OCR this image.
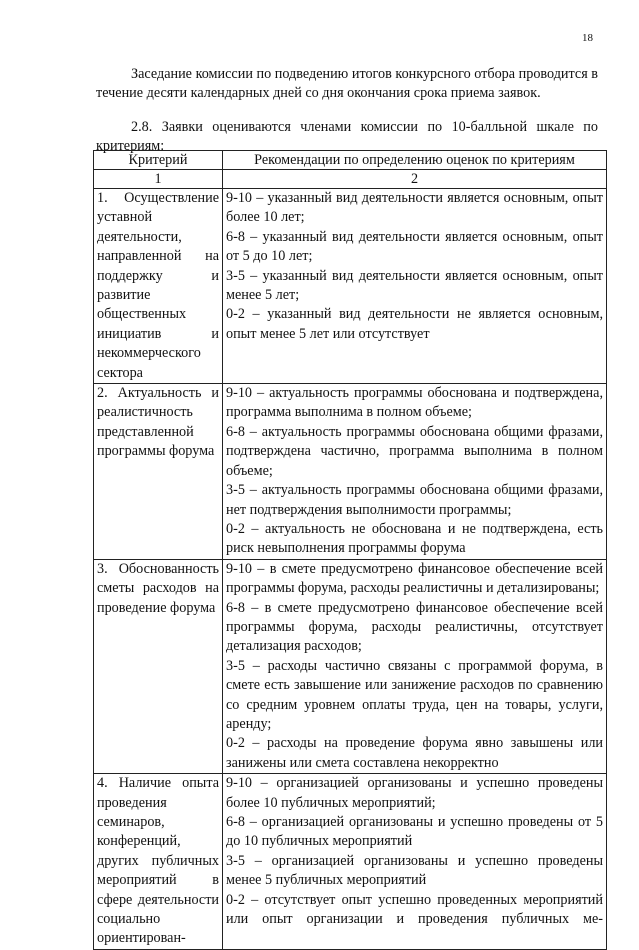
18

Заседание комиссии по подведению итогов конкурсного отбора проводится в течение десяти календарных дней со дня окончания срока приема заявок.

2.8. Заявки оцениваются членами комиссии по 10-балльной шкале по критериям:

Критерий	Рекомендации по определению оценок по критериям
1	2
1. Осуществление уставной деятельности, направленной на поддержку и развитие общественных инициатив и некоммерческого сектора	9-10 – указанный вид деятельности является основным, опыт более 10 лет;
6-8 – указанный вид деятельности является основным, опыт от 5 до 10 лет;
3-5 – указанный вид деятельности является основным, опыт менее 5 лет;
0-2 – указанный вид деятельности не является основным, опыт менее 5 лет или отсутствует

2. Актуальность и реалистичность представленной программы форума	9-10 – актуальность программы обоснована и подтверждена, программа выполнима в полном объеме;
6-8 – актуальность программы обоснована общими фразами, подтверждена частично, программа выполнима в полном объеме;
3-5 – актуальность программы обоснована общими фразами, нет подтверждения выполнимости программы;
0-2 – актуальность не обоснована и не подтверждена, есть риск невыполнения программы форума

3. Обоснованность сметы расходов на проведение форума	9-10 – в смете предусмотрено финансовое обеспечение всей программы форума, расходы реалистичны и детализированы;
6-8 – в смете предусмотрено финансовое обеспечение всей программы форума, расходы реалистичны, отсутствует детализация расходов;
3-5 – расходы частично связаны с программой форума, в смете есть завышение или занижение расходов по сравнению со средним уровнем оплаты труда, цен на товары, услуги, аренду;
0-2 – расходы на проведение форума явно завышены или занижены или смета составлена некорректно

4. Наличие опыта проведения семинаров, конференций, других публичных мероприятий в сфере деятельности социально ориентирован-	9-10 – организацией организованы и успешно проведены более 10 публичных мероприятий;
6-8 – организацией организованы и успешно проведены от 5 до 10 публичных мероприятий
3-5 – организацией организованы и успешно проведены менее 5 публичных мероприятий
0-2 – отсутствует опыт успешно проведенных мероприятий или опыт организации и проведения публичных ме-
